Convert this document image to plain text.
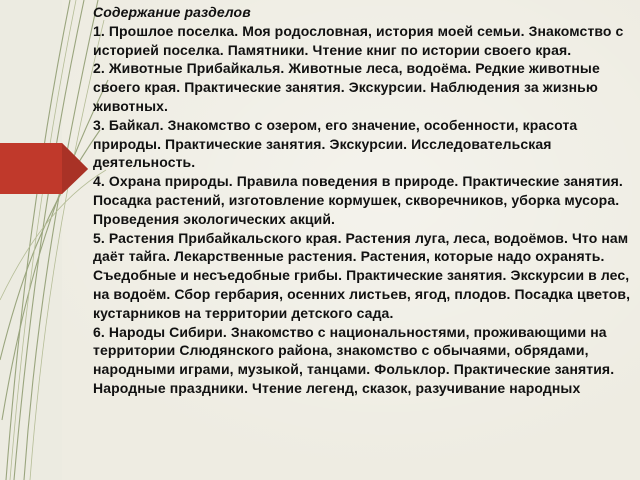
Содержание разделов

1. Прошлое поселка. Моя родословная, история моей семьи. Знакомство с историей поселка. Памятники. Чтение книг по истории своего края.

2. Животные Прибайкалья. Животные леса, водоёма. Редкие животные своего края. Практические занятия. Экскурсии. Наблюдения за жизнью животных.

3. Байкал. Знакомство с озером, его значение, особенности, красота природы. Практические занятия. Экскурсии. Исследовательская деятельность.

4. Охрана природы. Правила поведения в природе. Практические занятия. Посадка растений, изготовление кормушек, скворечников, уборка мусора. Проведения экологических акций.

5. Растения Прибайкальского края. Растения луга, леса, водоёмов. Что нам даёт тайга. Лекарственные растения. Растения, которые надо охранять. Съедобные и несъедобные грибы. Практические занятия. Экскурсии в лес, на водоём. Сбор гербария, осенних листьев, ягод, плодов. Посадка цветов, кустарников на территории детского сада.

6. Народы Сибири. Знакомство с национальностями, проживающими на территории Слюдянского района, знакомство с обычаями, обрядами, народными играми, музыкой, танцами. Фольклор. Практические занятия. Народные праздники. Чтение легенд, сказок, разучивание народных
